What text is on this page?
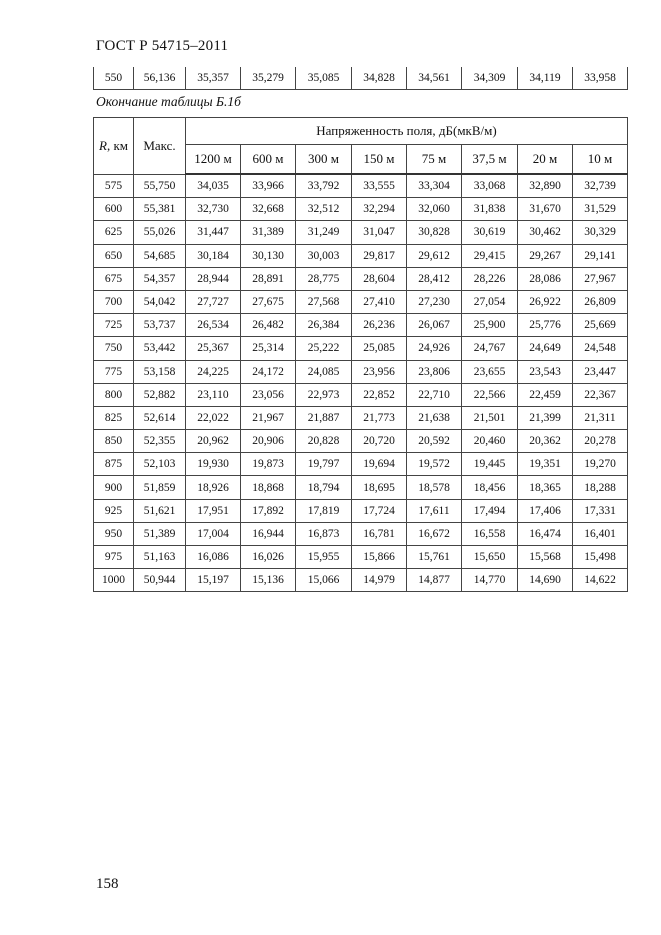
ГОСТ Р 54715–2011
550	56,136	35,357	35,279	35,085	34,828	34,561	34,309	34,119	33,958
Окончание таблицы Б.1б
R, км	Макс.	Напряженность поля, дБ(мкВ/м)							
		1200 м	600 м	300 м	150 м	75 м	37,5 м	20 м	10 м
575	55,750	34,035	33,966	33,792	33,555	33,304	33,068	32,890	32,739
600	55,381	32,730	32,668	32,512	32,294	32,060	31,838	31,670	31,529
625	55,026	31,447	31,389	31,249	31,047	30,828	30,619	30,462	30,329
650	54,685	30,184	30,130	30,003	29,817	29,612	29,415	29,267	29,141
675	54,357	28,944	28,891	28,775	28,604	28,412	28,226	28,086	27,967
700	54,042	27,727	27,675	27,568	27,410	27,230	27,054	26,922	26,809
725	53,737	26,534	26,482	26,384	26,236	26,067	25,900	25,776	25,669
750	53,442	25,367	25,314	25,222	25,085	24,926	24,767	24,649	24,548
775	53,158	24,225	24,172	24,085	23,956	23,806	23,655	23,543	23,447
800	52,882	23,110	23,056	22,973	22,852	22,710	22,566	22,459	22,367
825	52,614	22,022	21,967	21,887	21,773	21,638	21,501	21,399	21,311
850	52,355	20,962	20,906	20,828	20,720	20,592	20,460	20,362	20,278
875	52,103	19,930	19,873	19,797	19,694	19,572	19,445	19,351	19,270
900	51,859	18,926	18,868	18,794	18,695	18,578	18,456	18,365	18,288
925	51,621	17,951	17,892	17,819	17,724	17,611	17,494	17,406	17,331
950	51,389	17,004	16,944	16,873	16,781	16,672	16,558	16,474	16,401
975	51,163	16,086	16,026	15,955	15,866	15,761	15,650	15,568	15,498
1000	50,944	15,197	15,136	15,066	14,979	14,877	14,770	14,690	14,622
158
